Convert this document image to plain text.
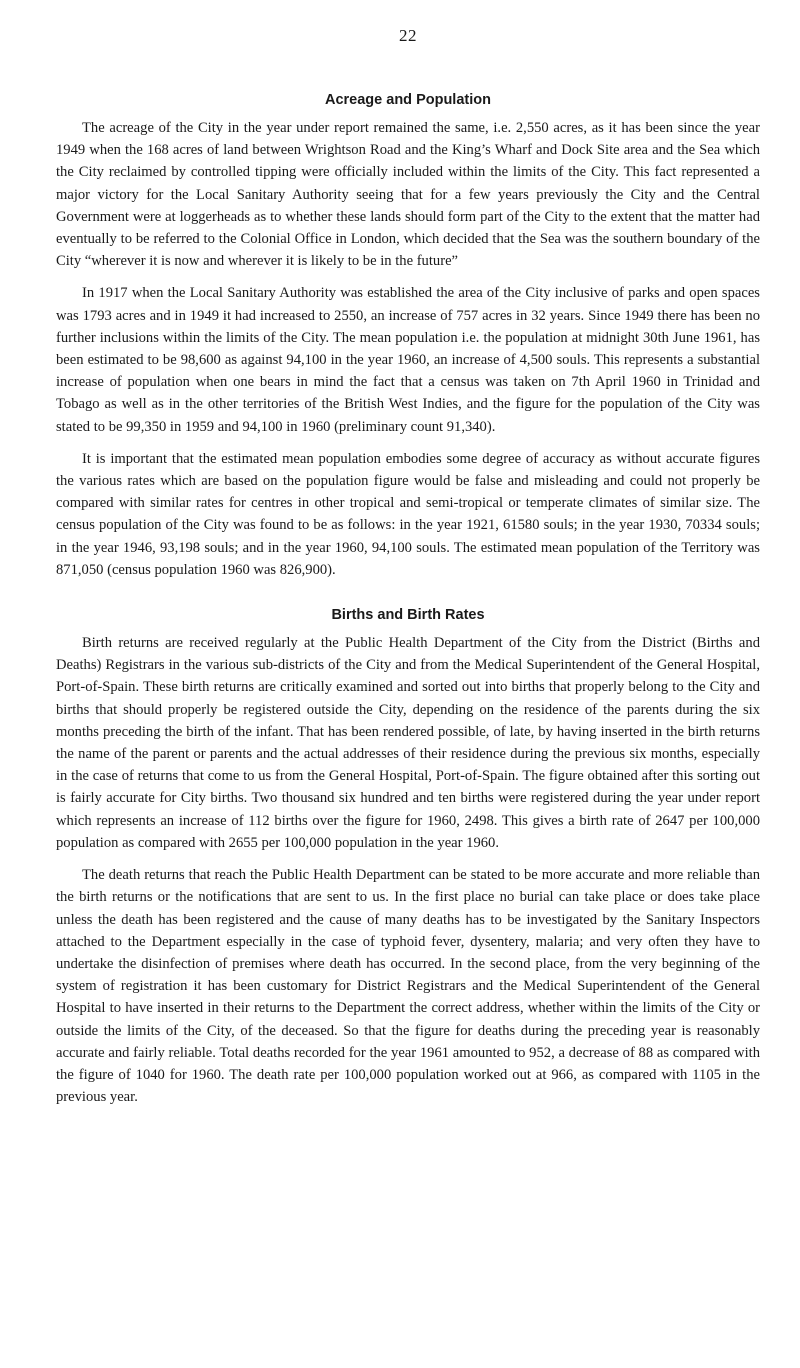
22
Acreage and Population

The acreage of the City in the year under report remained the same, i.e. 2,550 acres, as it has been since the year 1949 when the 168 acres of land between Wrightson Road and the King’s Wharf and Dock Site area and the Sea which the City reclaimed by controlled tipping were officially included within the limits of the City. This fact represented a major victory for the Local Sanitary Authority seeing that for a few years previously the City and the Central Government were at loggerheads as to whether these lands should form part of the City to the extent that the matter had eventually to be referred to the Colonial Office in London, which decided that the Sea was the southern boundary of the City “wherever it is now and wherever it is likely to be in the future”

In 1917 when the Local Sanitary Authority was established the area of the City inclusive of parks and open spaces was 1793 acres and in 1949 it had increased to 2550, an increase of 757 acres in 32 years. Since 1949 there has been no further inclusions within the limits of the City. The mean population i.e. the population at midnight 30th June 1961, has been estimated to be 98,600 as against 94,100 in the year 1960, an increase of 4,500 souls. This represents a substantial increase of population when one bears in mind the fact that a census was taken on 7th April 1960 in Trinidad and Tobago as well as in the other territories of the British West Indies, and the figure for the population of the City was stated to be 99,350 in 1959 and 94,100 in 1960 (preliminary count 91,340).

It is important that the estimated mean population embodies some degree of accuracy as without accurate figures the various rates which are based on the population figure would be false and misleading and could not properly be compared with similar rates for centres in other tropical and semi-tropical or temperate climates of similar size. The census population of the City was found to be as follows: in the year 1921, 61580 souls; in the year 1930, 70334 souls; in the year 1946, 93,198 souls; and in the year 1960, 94,100 souls. The estimated mean population of the Territory was 871,050 (census population 1960 was 826,900).

Births and Birth Rates

Birth returns are received regularly at the Public Health Department of the City from the District (Births and Deaths) Registrars in the various sub-districts of the City and from the Medical Superintendent of the General Hospital, Port-of-Spain. These birth returns are critically examined and sorted out into births that properly belong to the City and births that should properly be registered outside the City, depending on the residence of the parents during the six months preceding the birth of the infant. That has been rendered possible, of late, by having inserted in the birth returns the name of the parent or parents and the actual addresses of their residence during the previous six months, especially in the case of returns that come to us from the General Hospital, Port-of-Spain. The figure obtained after this sorting out is fairly accurate for City births. Two thousand six hundred and ten births were registered during the year under report which represents an increase of 112 births over the figure for 1960, 2498. This gives a birth rate of 2647 per 100,000 population as compared with 2655 per 100,000 population in the year 1960.

The death returns that reach the Public Health Department can be stated to be more accurate and more reliable than the birth returns or the notifications that are sent to us. In the first place no burial can take place or does take place unless the death has been registered and the cause of many deaths has to be investigated by the Sanitary Inspectors attached to the Department especially in the case of typhoid fever, dysentery, malaria; and very often they have to undertake the disinfection of premises where death has occurred. In the second place, from the very beginning of the system of registration it has been customary for District Registrars and the Medical Superintendent of the General Hospital to have inserted in their returns to the Department the correct address, whether within the limits of the City or outside the limits of the City, of the deceased. So that the figure for deaths during the preceding year is reasonably accurate and fairly reliable. Total deaths recorded for the year 1961 amounted to 952, a decrease of 88 as compared with the figure of 1040 for 1960. The death rate per 100,000 population worked out at 966, as compared with 1105 in the previous year.
